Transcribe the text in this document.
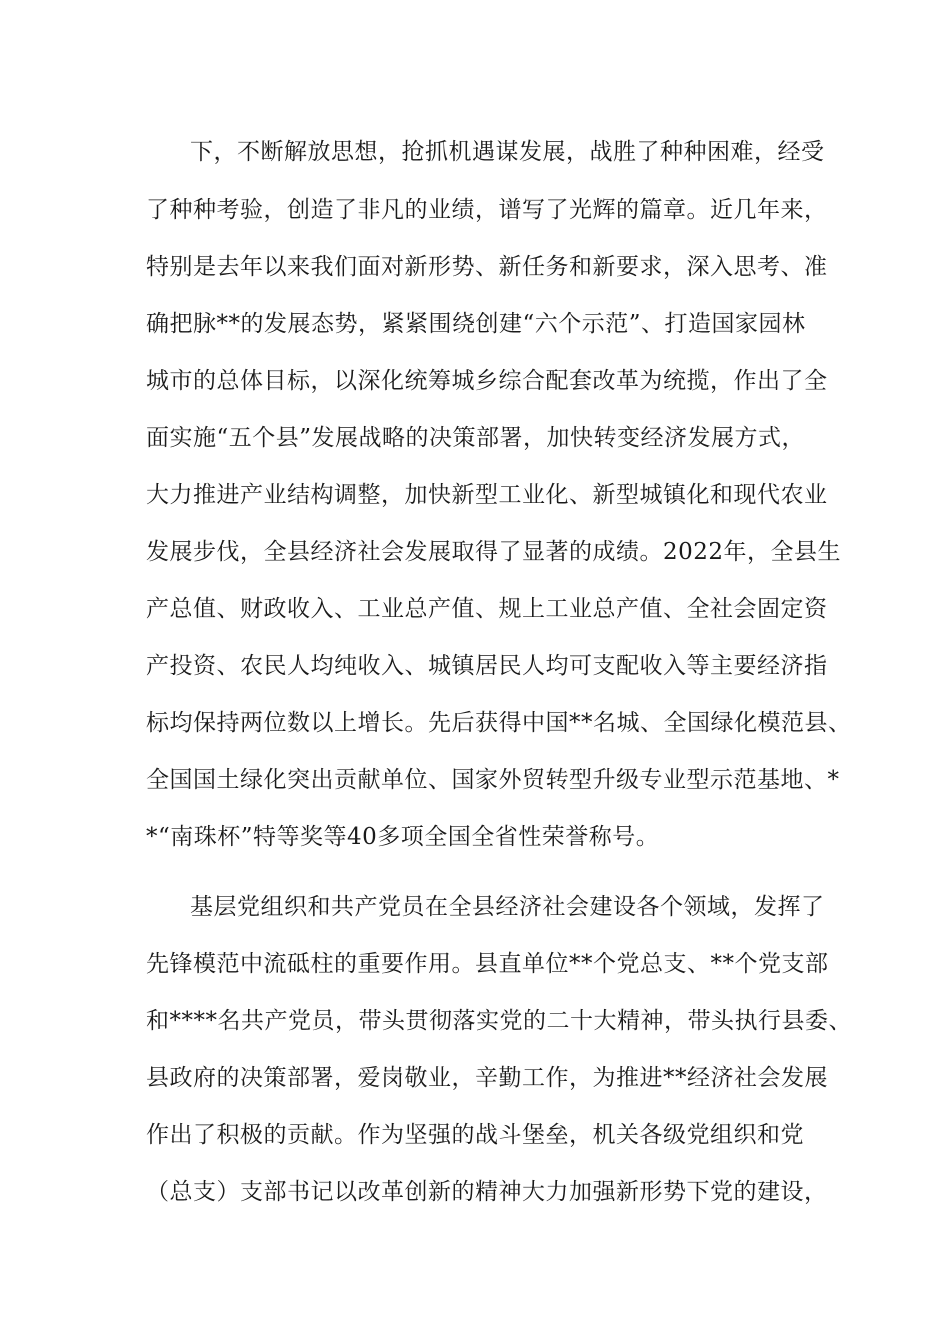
下，不断解放思想，抢抓机遇谋发展，战胜了种种困难，经受
了种种考验，创造了非凡的业绩，谱写了光辉的篇章。近几年来，
特别是去年以来我们面对新形势、新任务和新要求，深入思考、准
确把脉**的发展态势，紧紧围绕创建“六个示范”、打造国家园林
城市的总体目标，以深化统筹城乡综合配套改革为统揽，作出了全
面实施“五个县”发展战略的决策部署，加快转变经济发展方式，
大力推进产业结构调整，加快新型工业化、新型城镇化和现代农业
发展步伐，全县经济社会发展取得了显著的成绩。2022年，全县生
产总值、财政收入、工业总产值、规上工业总产值、全社会固定资
产投资、农民人均纯收入、城镇居民人均可支配收入等主要经济指
标均保持两位数以上增长。先后获得中国**名城、全国绿化模范县、
全国国土绿化突出贡献单位、国家外贸转型升级专业型示范基地、*
*“南珠杯”特等奖等40多项全国全省性荣誉称号。
基层党组织和共产党员在全县经济社会建设各个领域，发挥了
先锋模范中流砥柱的重要作用。县直单位**个党总支、**个党支部
和****名共产党员，带头贯彻落实党的二十大精神，带头执行县委、
县政府的决策部署，爱岗敬业，辛勤工作，为推进**经济社会发展
作出了积极的贡献。作为坚强的战斗堡垒，机关各级党组织和党
（总支）支部书记以改革创新的精神大力加强新形势下党的建设，
